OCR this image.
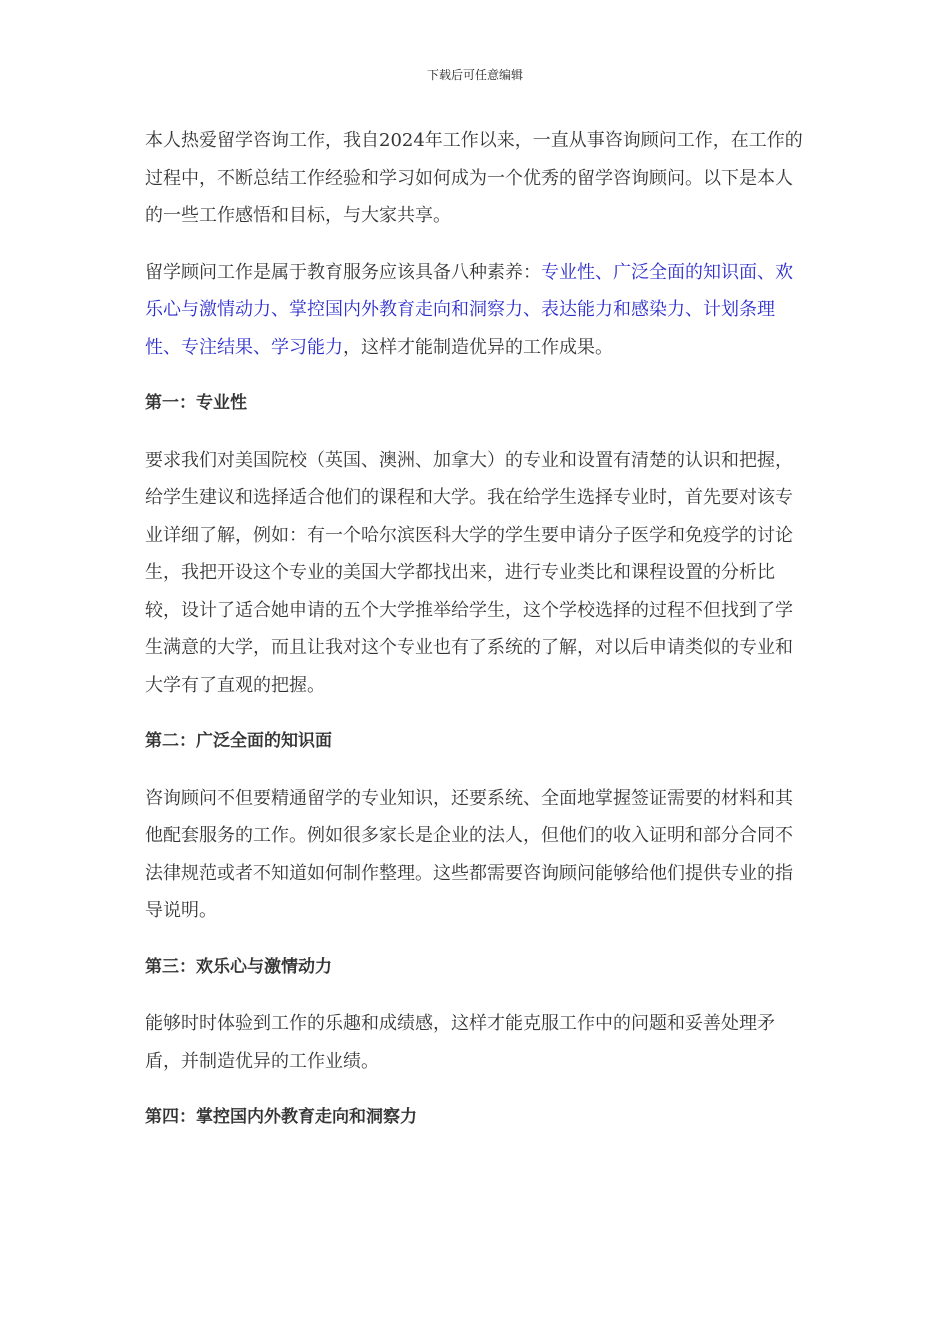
下载后可任意编辑

本人热爱留学咨询工作，我自2024年工作以来，一直从事咨询顾问工作，在工作的过程中，不断总结工作经验和学习如何成为一个优秀的留学咨询顾问。以下是本人的一些工作感悟和目标，与大家共享。

留学顾问工作是属于教育服务应该具备八种素养：专业性、广泛全面的知识面、欢乐心与激情动力、掌控国内外教育走向和洞察力、表达能力和感染力、计划条理性、专注结果、学习能力，这样才能制造优异的工作成果。

第一：专业性

要求我们对美国院校（英国、澳洲、加拿大）的专业和设置有清楚的认识和把握，给学生建议和选择适合他们的课程和大学。我在给学生选择专业时，首先要对该专业详细了解，例如：有一个哈尔滨医科大学的学生要申请分子医学和免疫学的讨论生，我把开设这个专业的美国大学都找出来，进行专业类比和课程设置的分析比较，设计了适合她申请的五个大学推举给学生，这个学校选择的过程不但找到了学生满意的大学，而且让我对这个专业也有了系统的了解，对以后申请类似的专业和大学有了直观的把握。

第二：广泛全面的知识面

咨询顾问不但要精通留学的专业知识，还要系统、全面地掌握签证需要的材料和其他配套服务的工作。例如很多家长是企业的法人，但他们的收入证明和部分合同不法律规范或者不知道如何制作整理。这些都需要咨询顾问能够给他们提供专业的指导说明。

第三：欢乐心与激情动力

能够时时体验到工作的乐趣和成绩感，这样才能克服工作中的问题和妥善处理矛盾，并制造优异的工作业绩。

第四：掌控国内外教育走向和洞察力
